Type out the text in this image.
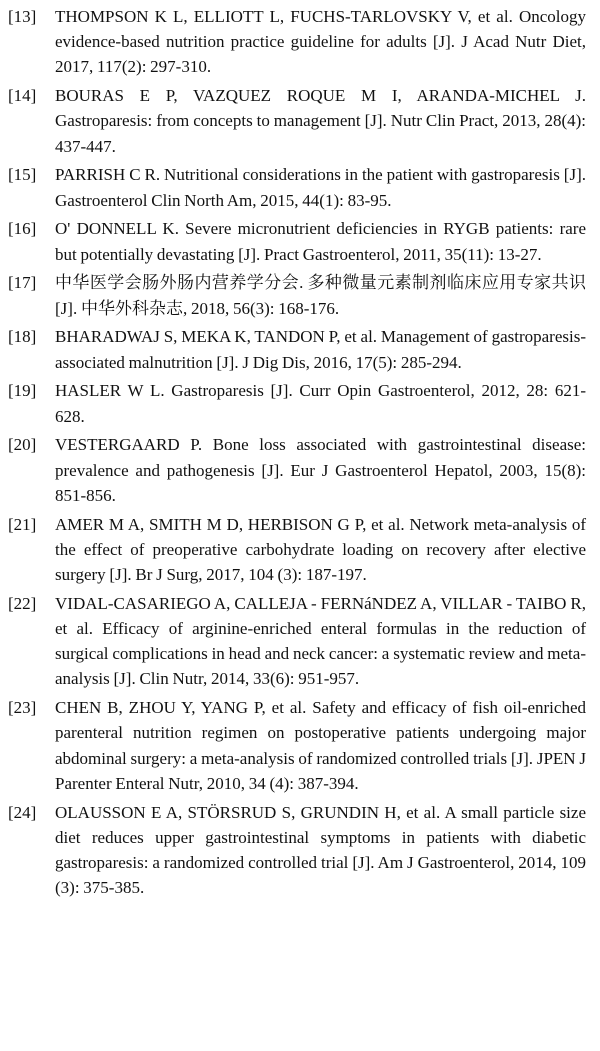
[13]	THOMPSON K L, ELLIOTT L, FUCHS-TARLOVSKY V, et al. Oncology evidence-based nutrition practice guideline for adults [J]. J Acad Nutr Diet, 2017, 117(2): 297-310.
[14]	BOURAS E P, VAZQUEZ ROQUE M I, ARANDA-MICHEL J. Gastroparesis: from concepts to management [J]. Nutr Clin Pract, 2013, 28(4): 437-447.
[15]	PARRISH C R. Nutritional considerations in the patient with gastroparesis [J]. Gastroenterol Clin North Am, 2015, 44(1): 83-95.
[16]	O' DONNELL K. Severe micronutrient deficiencies in RYGB patients: rare but potentially devastating [J]. Pract Gastroenterol, 2011, 35(11): 13-27.
[17]	中华医学会肠外肠内营养学分会. 多种微量元素制剂临床应用专家共识 [J]. 中华外科杂志, 2018, 56(3): 168-176.
[18]	BHARADWAJ S, MEKA K, TANDON P, et al. Management of gastroparesis-associated malnutrition [J]. J Dig Dis, 2016, 17(5): 285-294.
[19]	HASLER W L. Gastroparesis [J]. Curr Opin Gastroenterol, 2012, 28: 621-628.
[20]	VESTERGAARD P. Bone loss associated with gastrointestinal disease: prevalence and pathogenesis [J]. Eur J Gastroenterol Hepatol, 2003, 15(8): 851-856.
[21]	AMER M A, SMITH M D, HERBISON G P, et al. Network meta-analysis of the effect of preoperative carbohydrate loading on recovery after elective surgery [J]. Br J Surg, 2017, 104 (3): 187-197.
[22]	VIDAL-CASARIEGO A, CALLEJA - FERNáNDEZ A, VILLAR - TAIBO R, et al. Efficacy of arginine-enriched enteral formulas in the reduction of surgical complications in head and neck cancer: a systematic review and meta-analysis [J]. Clin Nutr, 2014, 33(6): 951-957.
[23]	CHEN B, ZHOU Y, YANG P, et al. Safety and efficacy of fish oil-enriched parenteral nutrition regimen on postoperative patients undergoing major abdominal surgery: a meta-analysis of randomized controlled trials [J]. JPEN J Parenter Enteral Nutr, 2010, 34 (4): 387-394.
[24]	OLAUSSON E A, STÖRSRUD S, GRUNDIN H, et al. A small particle size diet reduces upper gastrointestinal symptoms in patients with diabetic gastroparesis: a randomized controlled trial [J]. Am J Gastroenterol, 2014, 109 (3): 375-385.
